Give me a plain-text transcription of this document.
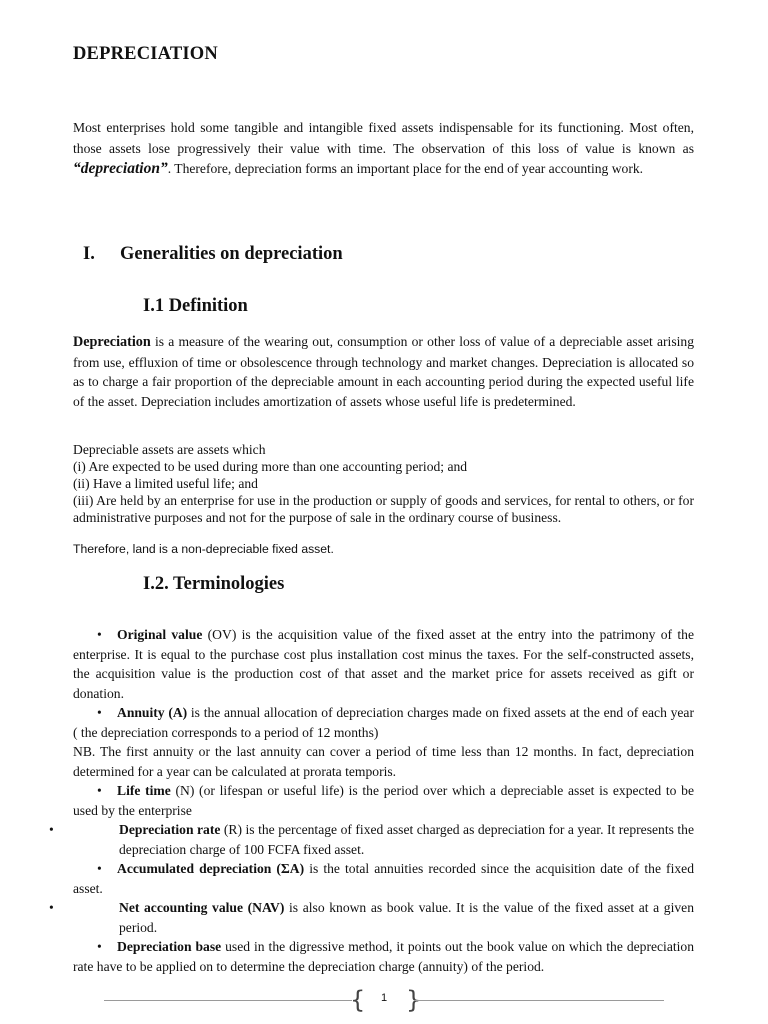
DEPRECIATION

Most enterprises hold some tangible and intangible fixed assets indispensable for its functioning. Most often, those assets lose progressively their value with time. The observation of this loss of value is known as “depreciation”. Therefore, depreciation forms an important place for the end of year accounting work.

I. Generalities on depreciation
I.1 Definition

Depreciation is a measure of the wearing out, consumption or other loss of value of a depreciable asset arising from use, effluxion of time or obsolescence through technology and market changes. Depreciation is allocated so as to charge a fair proportion of the depreciable amount in each accounting period during the expected useful life of the asset. Depreciation includes amortization of assets whose useful life is predetermined.

Depreciable assets are assets which
(i) Are expected to be used during more than one accounting period; and
(ii) Have a limited useful life; and
(iii) Are held by an enterprise for use in the production or supply of goods and services, for rental to others, or for administrative purposes and not for the purpose of sale in the ordinary course of business.

Therefore, land is a non-depreciable fixed asset.

I.2. Terminologies

• Original value (OV) is the acquisition value of the fixed asset at the entry into the patrimony of the enterprise. It is equal to the purchase cost plus installation cost minus the taxes. For the self-constructed assets, the acquisition value is the production cost of that asset and the market price for assets received as gift or donation.

• Annuity (A) is the annual allocation of depreciation charges made on fixed assets at the end of each year ( the depreciation corresponds to a period of 12 months)

NB. The first annuity or the last annuity can cover a period of time less than 12 months. In fact, depreciation determined for a year can be calculated at prorata temporis.

• Life time (N) (or lifespan or useful life) is the period over which a depreciable asset is expected to be used by the enterprise

•	Depreciation rate (R) is the percentage of fixed asset charged as depreciation for a year. It represents the depreciation charge of 100 FCFA fixed asset.

• Accumulated depreciation (ΣA) is the total annuities recorded since the acquisition date of the fixed asset.

•	Net accounting value (NAV) is also known as book value. It is the value of the fixed asset at a given period.

• Depreciation base used in the digressive method, it points out the book value on which the depreciation rate have to be applied on to determine the depreciation charge (annuity) of the period.

{	1 }
